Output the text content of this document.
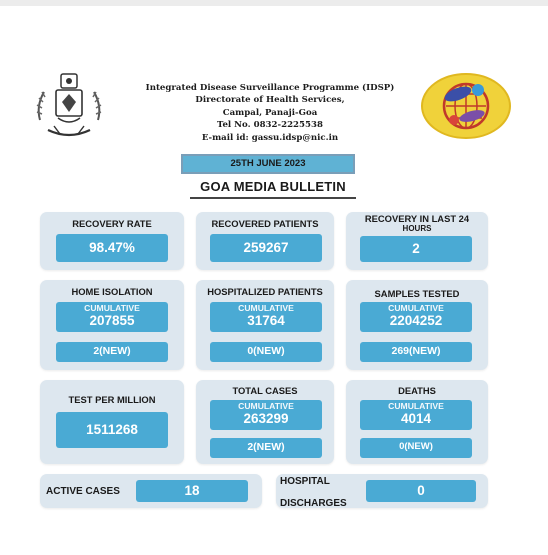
Integrated Disease Surveillance Programme (IDSP)
Directorate of Health Services,
Campal, Panaji-Goa
Tel No. 0832-2225538
E-mail id: gassu.idsp@nic.in
25TH JUNE 2023
GOA MEDIA BULLETIN
RECOVERY RATE
98.47%
RECOVERED PATIENTS
259267
RECOVERY IN LAST 24
HOURS
2
HOME ISOLATION
CUMULATIVE
207855
2(NEW)
HOSPITALIZED PATIENTS
CUMULATIVE
31764
0(NEW)
SAMPLES TESTED
CUMULATIVE
2204252
269(NEW)
TEST PER MILLION
1511268
TOTAL CASES
CUMULATIVE
263299
2(NEW)
DEATHS
CUMULATIVE
4014
0(NEW)
ACTIVE CASES	18
HOSPITAL
DISCHARGES
0
